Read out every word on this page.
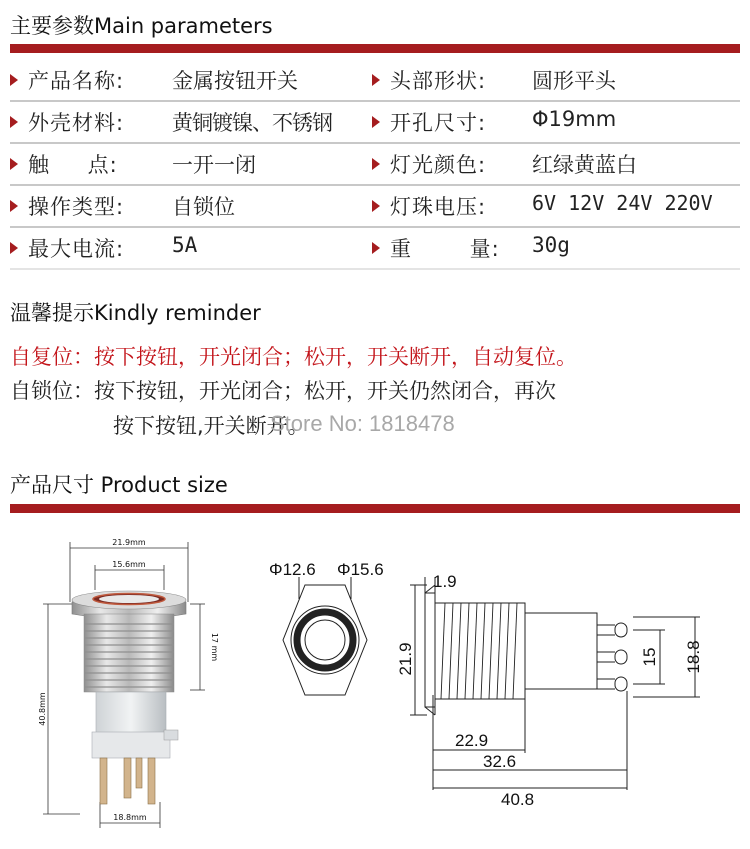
主要参数Main parameters
产品名称: 金属按钮开关	头部形状: 圆形平头
外壳材料: 黄铜镀镍、不锈钢	开孔尺寸: Φ19mm
触 点:	一开一闭	灯光颜色: 红绿黄蓝白
操作类型: 自锁位	灯珠电压: 6V 12V 24V 220V
最大电流: 5A	重 量: 30g
温馨提示Kindly reminder
自复位：按下按钮，开光闭合；松开，开关断开，自动复位。
自锁位：按下按钮，开光闭合；松开，开关仍然闭合，再次
按下按钮,开关断开。
Store No: 1818478
产品尺寸 Product size
21.9mm
15.6mm
17 mm
40.8mm
18.8mm
Φ12.6 Φ15.6
1.9
21.9
22.9
32.6
40.8
15 18.8
